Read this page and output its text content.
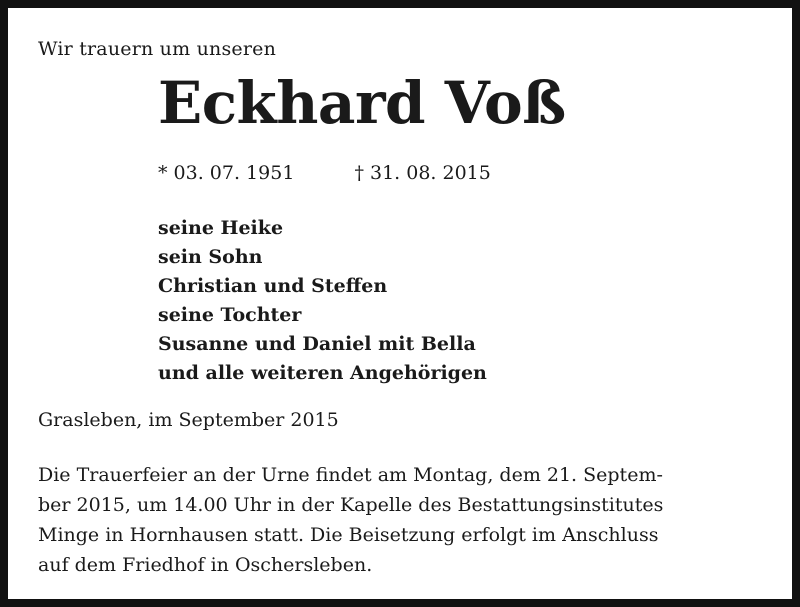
Wir trauern um unseren
Eckhard Voß
* 03. 07. 1951	† 31. 08. 2015
seine Heike
sein Sohn
Christian und Steffen
seine Tochter
Susanne und Daniel mit Bella
und alle weiteren Angehörigen
Grasleben, im September 2015

Die Trauerfeier an der Urne findet am Montag, dem 21. Septem-
ber 2015, um 14.00 Uhr in der Kapelle des Bestattungsinstitutes
Minge in Hornhausen statt. Die Beisetzung erfolgt im Anschluss
auf dem Friedhof in Oschersleben.
